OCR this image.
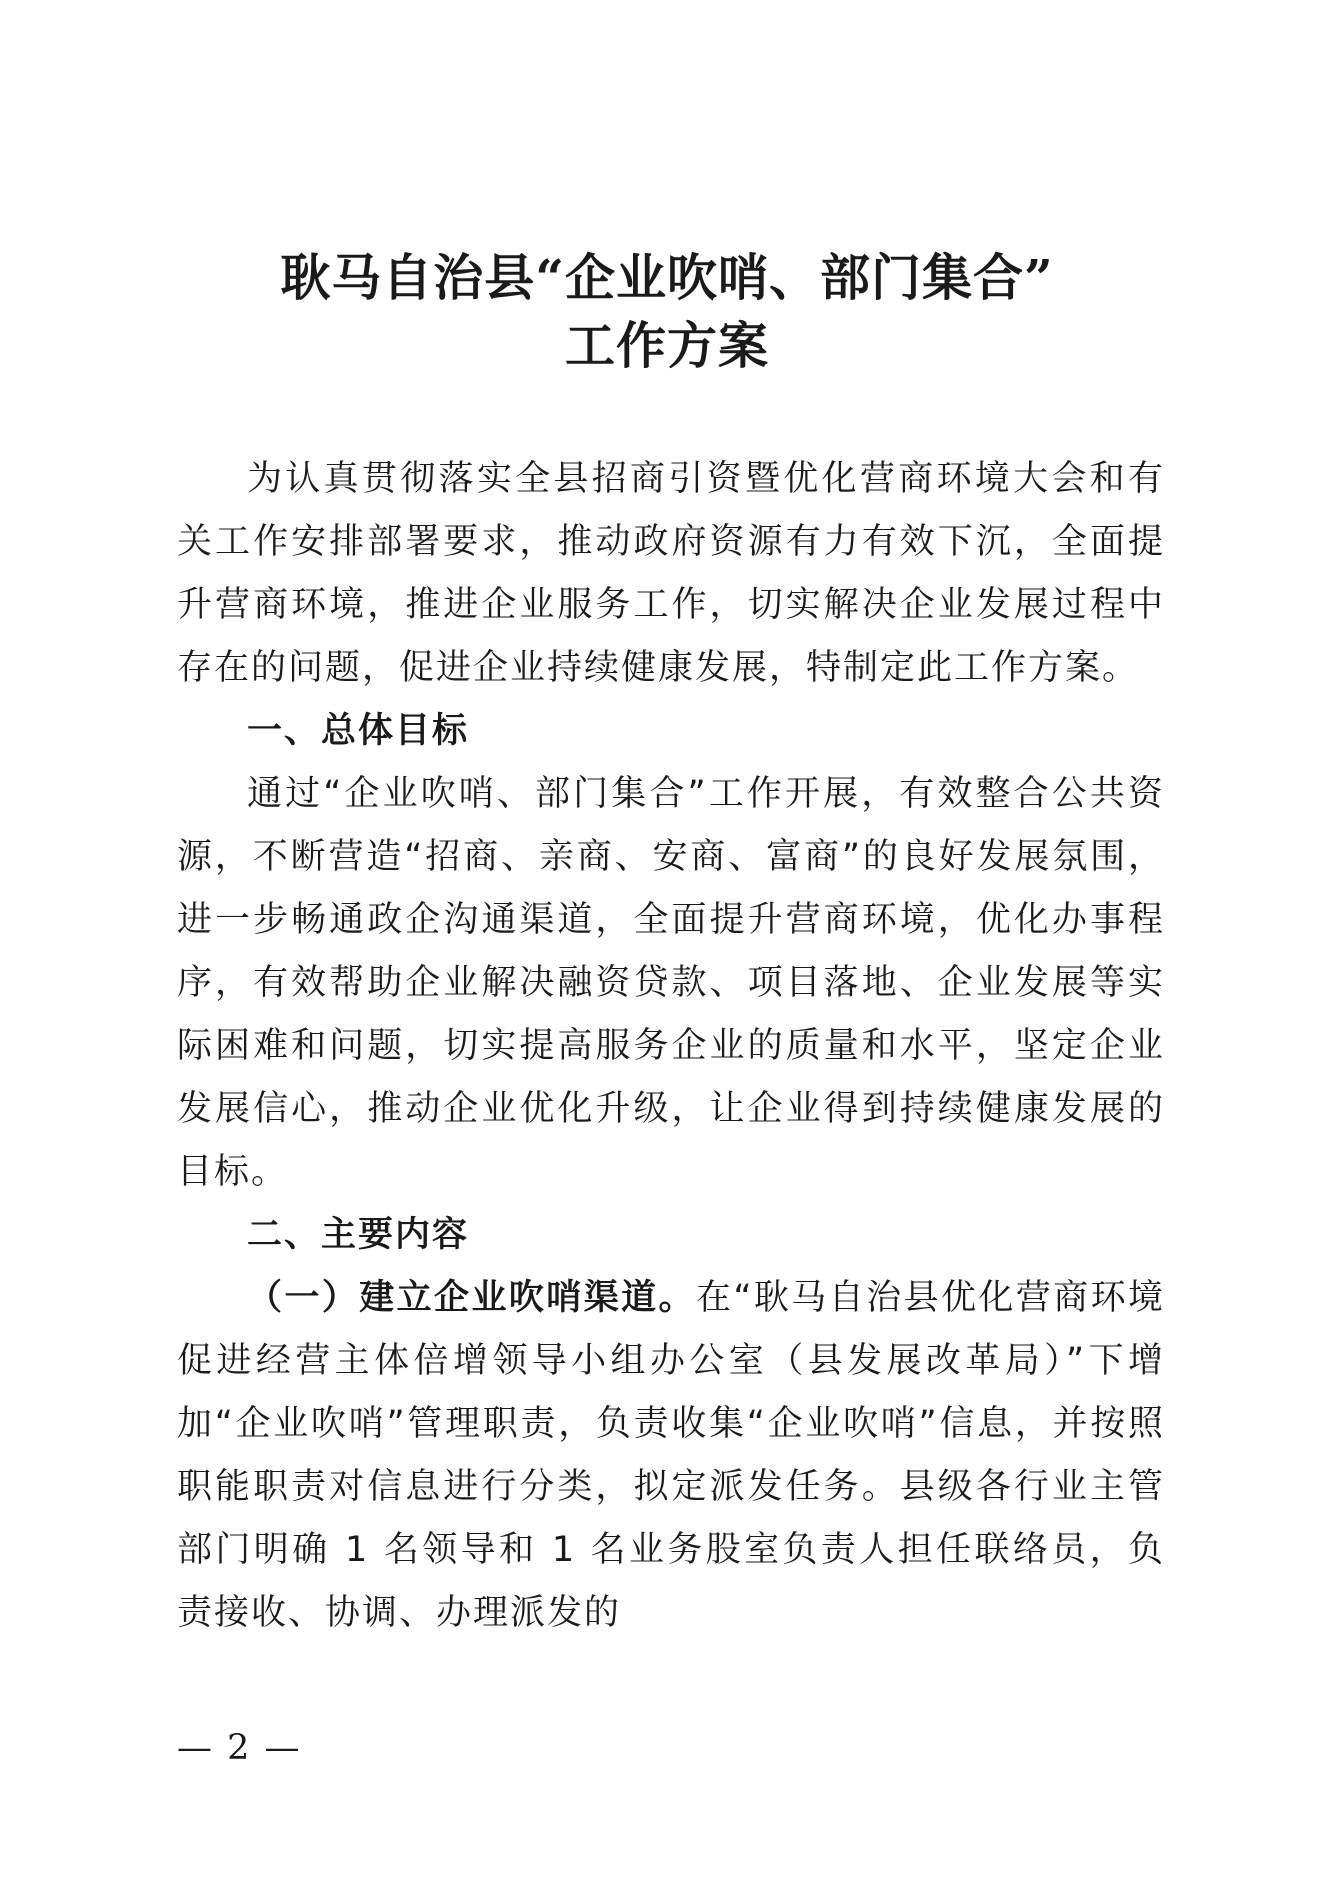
耿马自治县“企业吹哨、部门集合”
工作方案

为认真贯彻落实全县招商引资暨优化营商环境大会和有关工作安排部署要求，推动政府资源有力有效下沉，全面提升营商环境，推进企业服务工作，切实解决企业发展过程中存在的问题，促进企业持续健康发展，特制定此工作方案。

一、总体目标

通过“企业吹哨、部门集合”工作开展，有效整合公共资源，不断营造“招商、亲商、安商、富商”的良好发展氛围，进一步畅通政企沟通渠道，全面提升营商环境，优化办事程序，有效帮助企业解决融资贷款、项目落地、企业发展等实际困难和问题，切实提高服务企业的质量和水平，坚定企业发展信心，推动企业优化升级，让企业得到持续健康发展的目标。

二、主要内容

（一）建立企业吹哨渠道。在“耿马自治县优化营商环境促进经营主体倍增领导小组办公室（县发展改革局）”下增加“企业吹哨”管理职责，负责收集“企业吹哨”信息，并按照职能职责对信息进行分类，拟定派发任务。县级各行业主管部门明确 1 名领导和 1 名业务股室负责人担任联络员，负责接收、协调、办理派发的

— 2 —
